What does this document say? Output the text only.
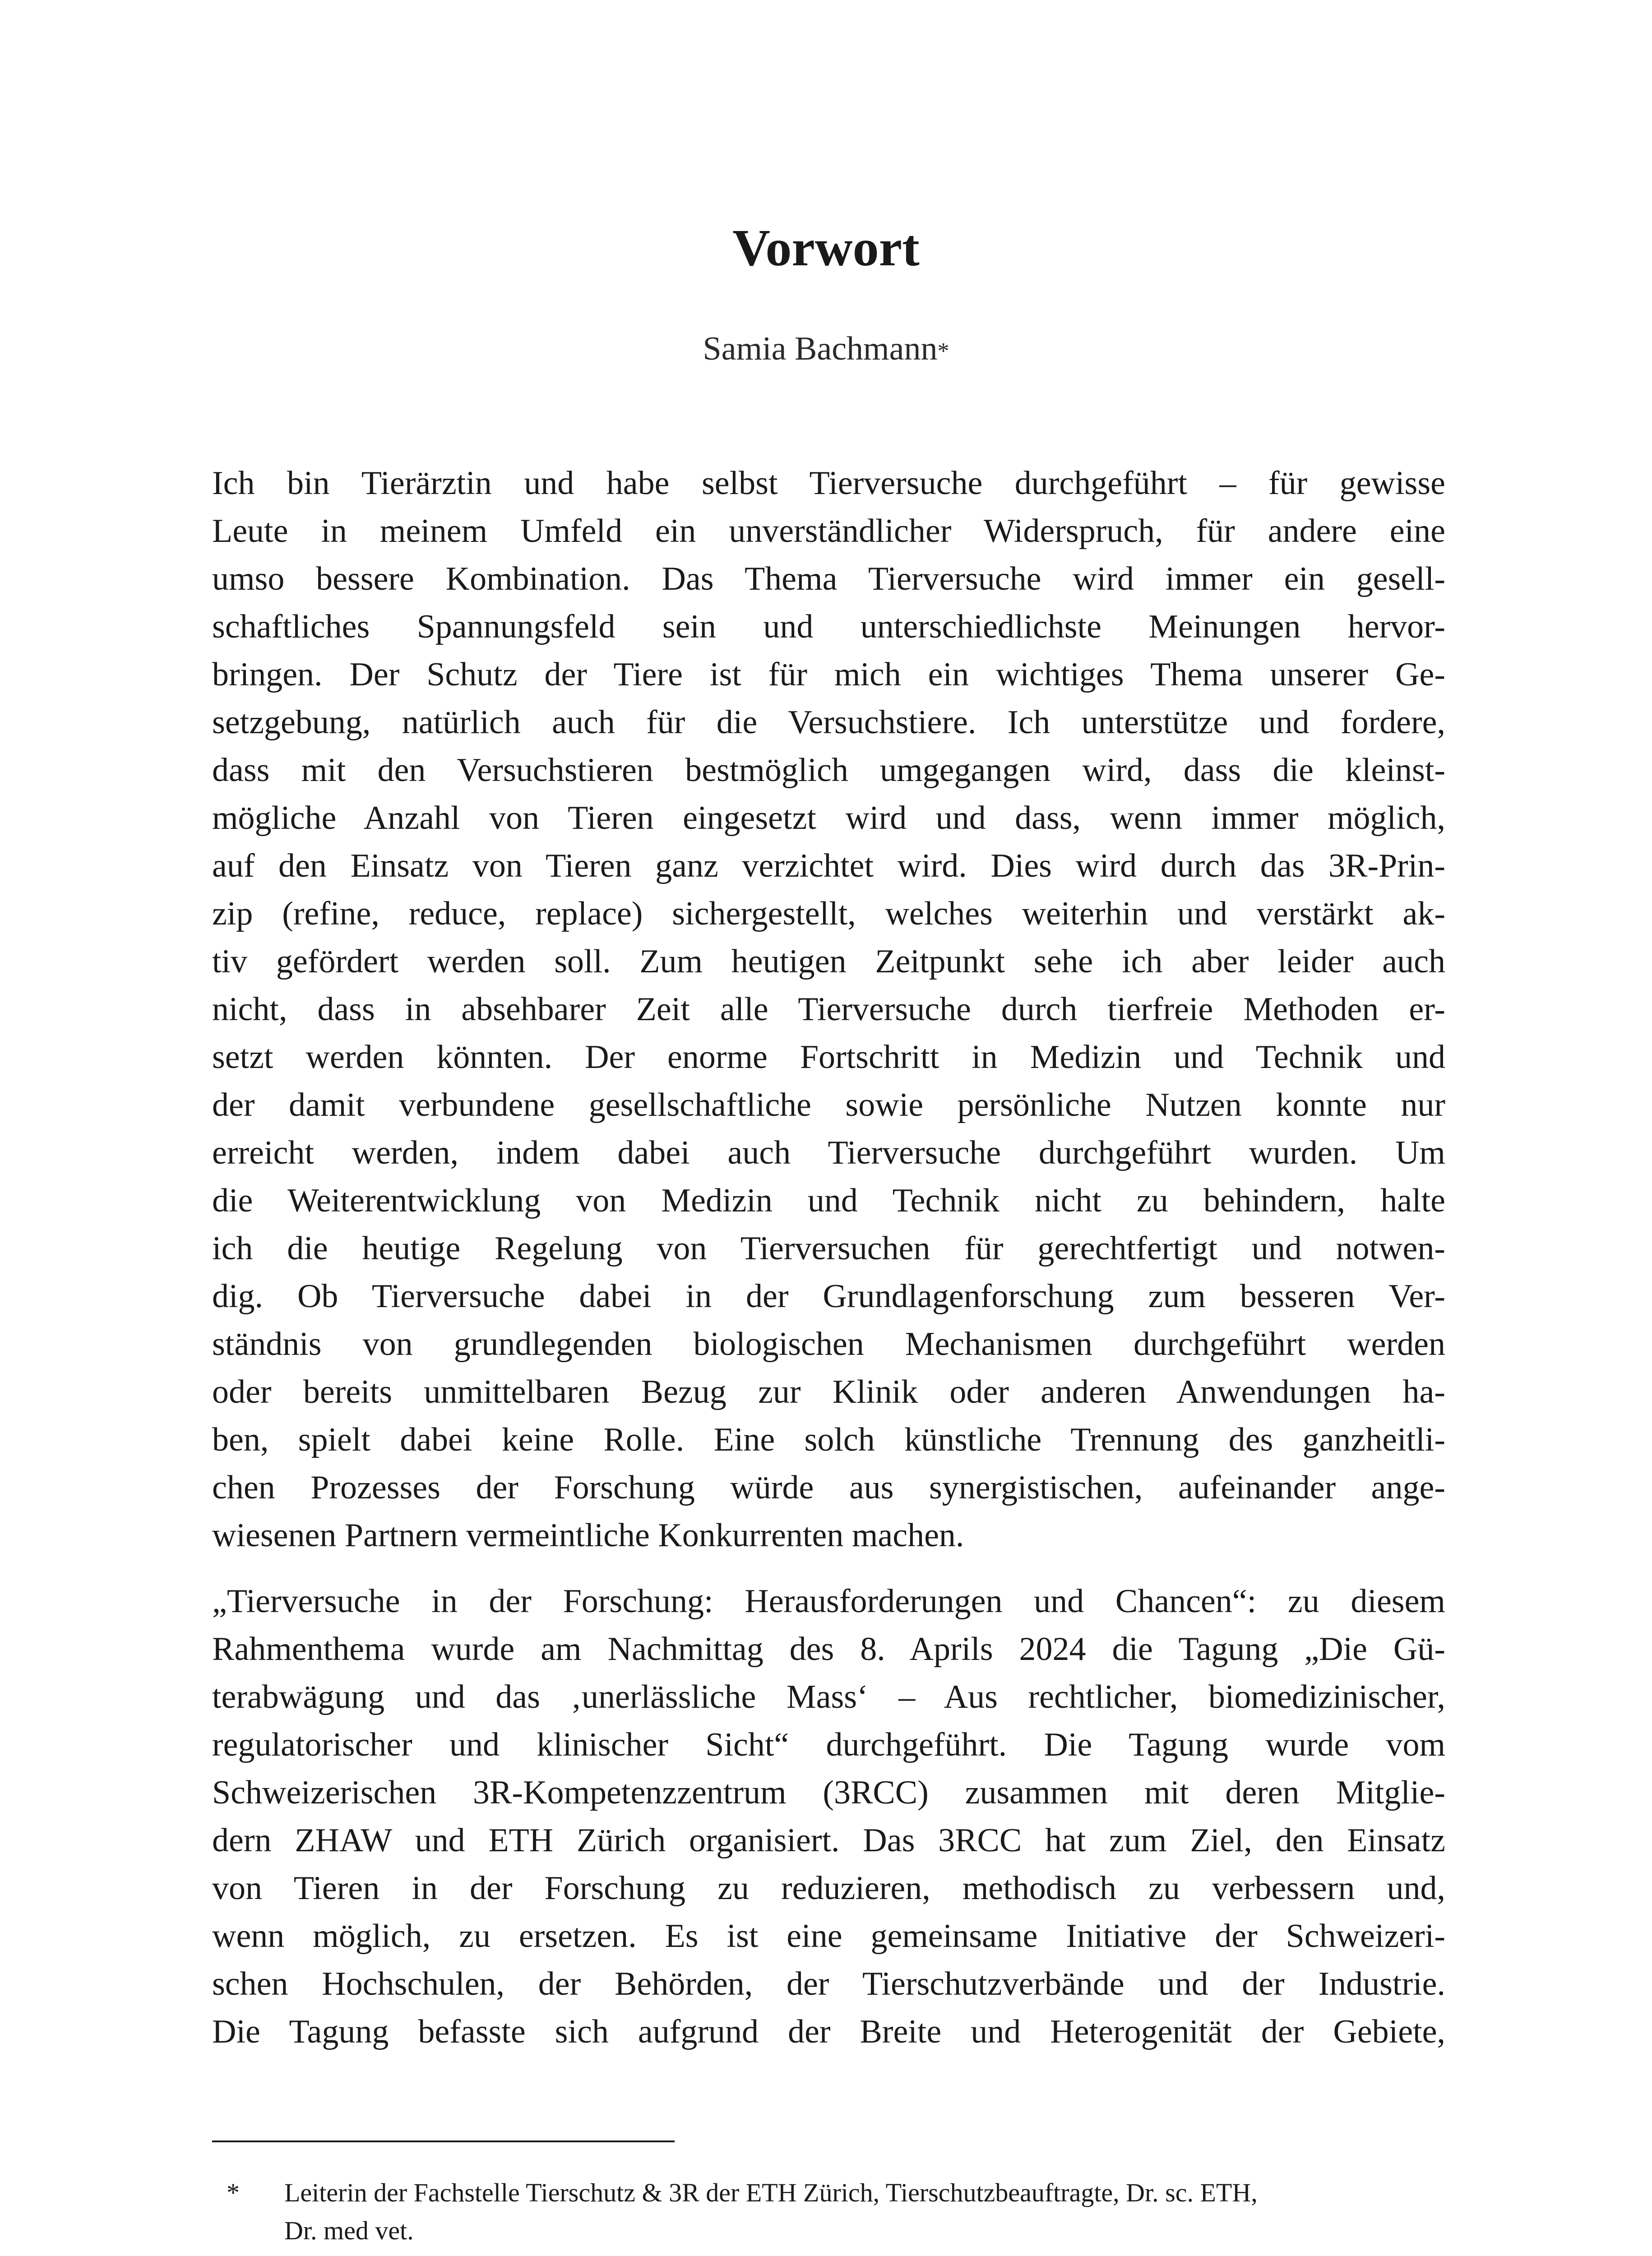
Vorwort

Samia Bachmann*

Ich bin Tierärztin und habe selbst Tierversuche durchgeführt – für gewisse
Leute in meinem Umfeld ein unverständlicher Widerspruch, für andere eine
umso bessere Kombination. Das Thema Tierversuche wird immer ein gesell-
schaftliches Spannungsfeld sein und unterschiedlichste Meinungen hervor-
bringen. Der Schutz der Tiere ist für mich ein wichtiges Thema unserer Ge-
setzgebung, natürlich auch für die Versuchstiere. Ich unterstütze und fordere,
dass mit den Versuchstieren bestmöglich umgegangen wird, dass die kleinst-
mögliche Anzahl von Tieren eingesetzt wird und dass, wenn immer möglich,
auf den Einsatz von Tieren ganz verzichtet wird. Dies wird durch das 3R-Prin-
zip (refine, reduce, replace) sichergestellt, welches weiterhin und verstärkt ak-
tiv gefördert werden soll. Zum heutigen Zeitpunkt sehe ich aber leider auch
nicht, dass in absehbarer Zeit alle Tierversuche durch tierfreie Methoden er-
setzt werden könnten. Der enorme Fortschritt in Medizin und Technik und
der damit verbundene gesellschaftliche sowie persönliche Nutzen konnte nur
erreicht werden, indem dabei auch Tierversuche durchgeführt wurden. Um
die Weiterentwicklung von Medizin und Technik nicht zu behindern, halte
ich die heutige Regelung von Tierversuchen für gerechtfertigt und notwen-
dig. Ob Tierversuche dabei in der Grundlagenforschung zum besseren Ver-
ständnis von grundlegenden biologischen Mechanismen durchgeführt werden
oder bereits unmittelbaren Bezug zur Klinik oder anderen Anwendungen ha-
ben, spielt dabei keine Rolle. Eine solch künstliche Trennung des ganzheitli-
chen Prozesses der Forschung würde aus synergistischen, aufeinander ange-
wiesenen Partnern vermeintliche Konkurrenten machen.
„Tierversuche in der Forschung: Herausforderungen und Chancen“: zu diesem
Rahmenthema wurde am Nachmittag des 8. Aprils 2024 die Tagung „Die Gü-
terabwägung und das ‚unerlässliche Mass‘ – Aus rechtlicher, biomedizinischer,
regulatorischer und klinischer Sicht“ durchgeführt. Die Tagung wurde vom
Schweizerischen 3R-Kompetenzzentrum (3RCC) zusammen mit deren Mitglie-
dern ZHAW und ETH Zürich organisiert. Das 3RCC hat zum Ziel, den Einsatz
von Tieren in der Forschung zu reduzieren, methodisch zu verbessern und,
wenn möglich, zu ersetzen. Es ist eine gemeinsame Initiative der Schweizeri-
schen Hochschulen, der Behörden, der Tierschutzverbände und der Industrie.
Die Tagung befasste sich aufgrund der Breite und Heterogenität der Gebiete,
* Leiterin der Fachstelle Tierschutz & 3R der ETH Zürich, Tierschutzbeauftragte, Dr. sc. ETH,
Dr. med vet.
